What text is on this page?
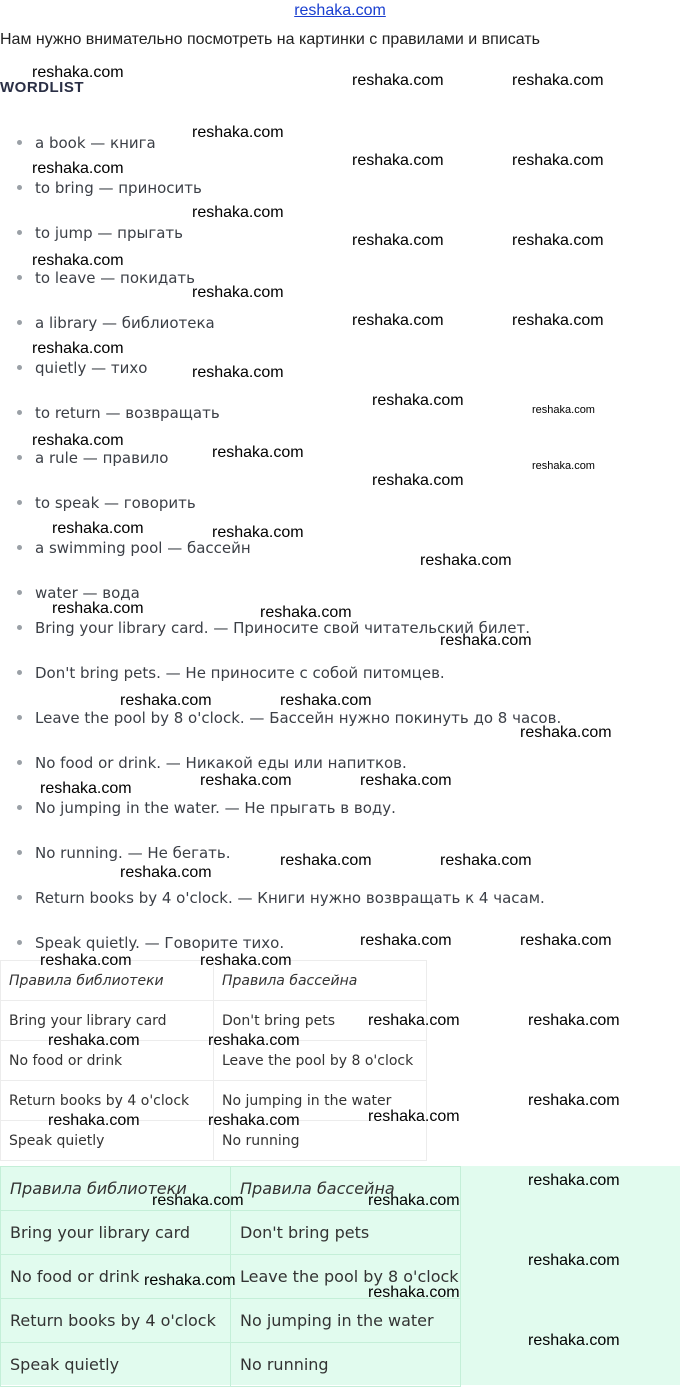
reshaka.com
Нам нужно внимательно посмотреть на картинки с правилами и вписать
WORDLIST
a book — книга
to bring — приносить
to jump — прыгать
to leave — покидать
a library — библиотека
quietly — тихо
to return — возвращать
a rule — правило
to speak — говорить
a swimming pool — бассейн
water — вода
Bring your library card. — Приносите свой читательский билет.
Don't bring pets. — Не приносите с собой питомцев.
Leave the pool by 8 o'clock. — Бассейн нужно покинуть до 8 часов.
No food or drink. — Никакой еды или напитков.
No jumping in the water. — Не прыгать в воду.
No running. — Не бегать.
Return books by 4 o'clock. — Книги нужно возвращать к 4 часам.
Speak quietly. — Говорите тихо.
Правила библиотеки	Правила бассейна
Bring your library card	Don't bring pets
No food or drink	Leave the pool by 8 o'clock
Return books by 4 o'clock	No jumping in the water
Speak quietly	No running
Правила библиотеки	Правила бассейна
Bring your library card	Don't bring pets
No food or drink	Leave the pool by 8 o'clock
Return books by 4 o'clock	No jumping in the water
Speak quietly	No running
reshaka.com	reshaka.com	reshaka.com
reshaka.com
reshaka.com	reshaka.com	reshaka.com
reshaka.com
reshaka.com	reshaka.com
reshaka.com
reshaka.com
reshaka.com	reshaka.com
reshaka.com
reshaka.com
reshaka.com
reshaka.com
reshaka.com
reshaka.com
reshaka.com
reshaka.com
reshaka.com	reshaka.com
reshaka.com
reshaka.com	reshaka.com
reshaka.com
reshaka.com	reshaka.com
reshaka.com
reshaka.com	reshaka.com
reshaka.com
reshaka.com	reshaka.com
reshaka.com
reshaka.com	reshaka.com
reshaka.com	reshaka.com
reshaka.com	reshaka.com
reshaka.com	reshaka.com
reshaka.com
reshaka.com
reshaka.com	reshaka.com
reshaka.com
reshaka.com	reshaka.com
reshaka.com
reshaka.com
reshaka.com
reshaka.com
